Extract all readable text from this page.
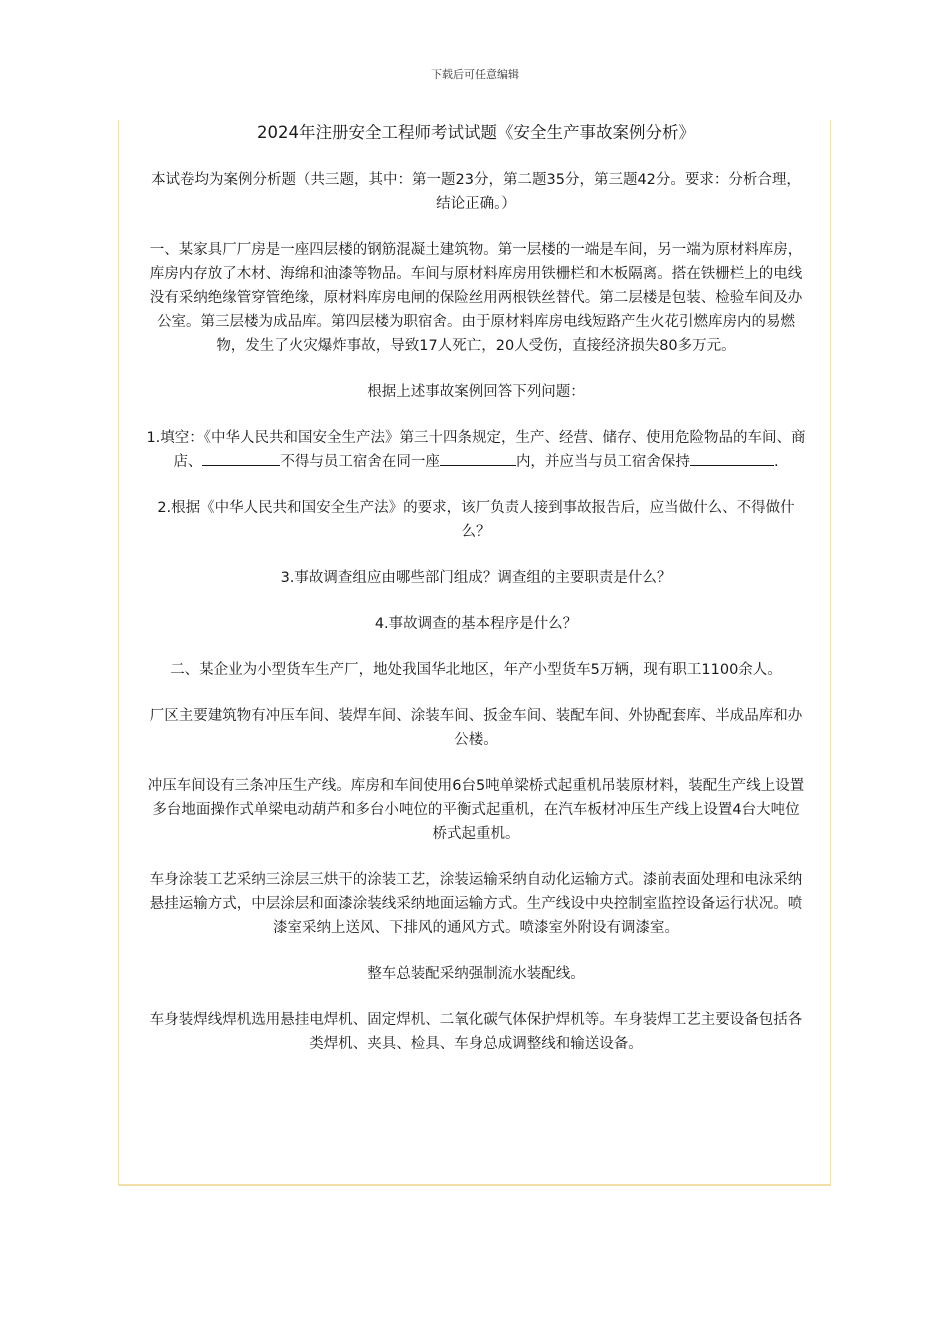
下载后可任意编辑

2024年注册安全工程师考试试题《安全生产事故案例分析》

本试卷均为案例分析题（共三题，其中：第一题23分，第二题35分，第三题42分。要求：分析合理，结论正确。）

一、某家具厂厂房是一座四层楼的钢筋混凝土建筑物。第一层楼的一端是车间，另一端为原材料库房，库房内存放了木材、海绵和油漆等物品。车间与原材料库房用铁栅栏和木板隔离。搭在铁栅栏上的电线没有采纳绝缘管穿管绝缘，原材料库房电闸的保险丝用两根铁丝替代。第二层楼是包装、检验车间及办公室。第三层楼为成品库。第四层楼为职宿舍。由于原材料库房电线短路产生火花引燃库房内的易燃物，发生了火灾爆炸事故，导致17人死亡，20人受伤，直接经济损失80多万元。

根据上述事故案例回答下列问题：

1.填空：《中华人民共和国安全生产法》第三十四条规定，生产、经营、储存、使用危险物品的车间、商店、	不得与员工宿舍在同一座	内，并应当与员工宿舍保持	.

2.根据《中华人民共和国安全生产法》的要求，该厂负责人接到事故报告后，应当做什么、不得做什么？

3.事故调查组应由哪些部门组成？调查组的主要职责是什么？

4.事故调查的基本程序是什么？

二、某企业为小型货车生产厂，地处我国华北地区，年产小型货车5万辆，现有职工1100余人。

厂区主要建筑物有冲压车间、装焊车间、涂装车间、扳金车间、装配车间、外协配套库、半成品库和办公楼。

冲压车间设有三条冲压生产线。库房和车间使用6台5吨单梁桥式起重机吊装原材料，装配生产线上设置多台地面操作式单梁电动葫芦和多台小吨位的平衡式起重机，在汽车板材冲压生产线上设置4台大吨位桥式起重机。

车身涂装工艺采纳三涂层三烘干的涂装工艺，涂装运输采纳自动化运输方式。漆前表面处理和电泳采纳悬挂运输方式，中层涂层和面漆涂装线采纳地面运输方式。生产线设中央控制室监控设备运行状况。喷漆室采纳上送风、下排风的通风方式。喷漆室外附设有调漆室。

整车总装配采纳强制流水装配线。

车身装焊线焊机选用悬挂电焊机、固定焊机、二氧化碳气体保护焊机等。车身装焊工艺主要设备包括各类焊机、夹具、检具、车身总成调整线和输送设备。
